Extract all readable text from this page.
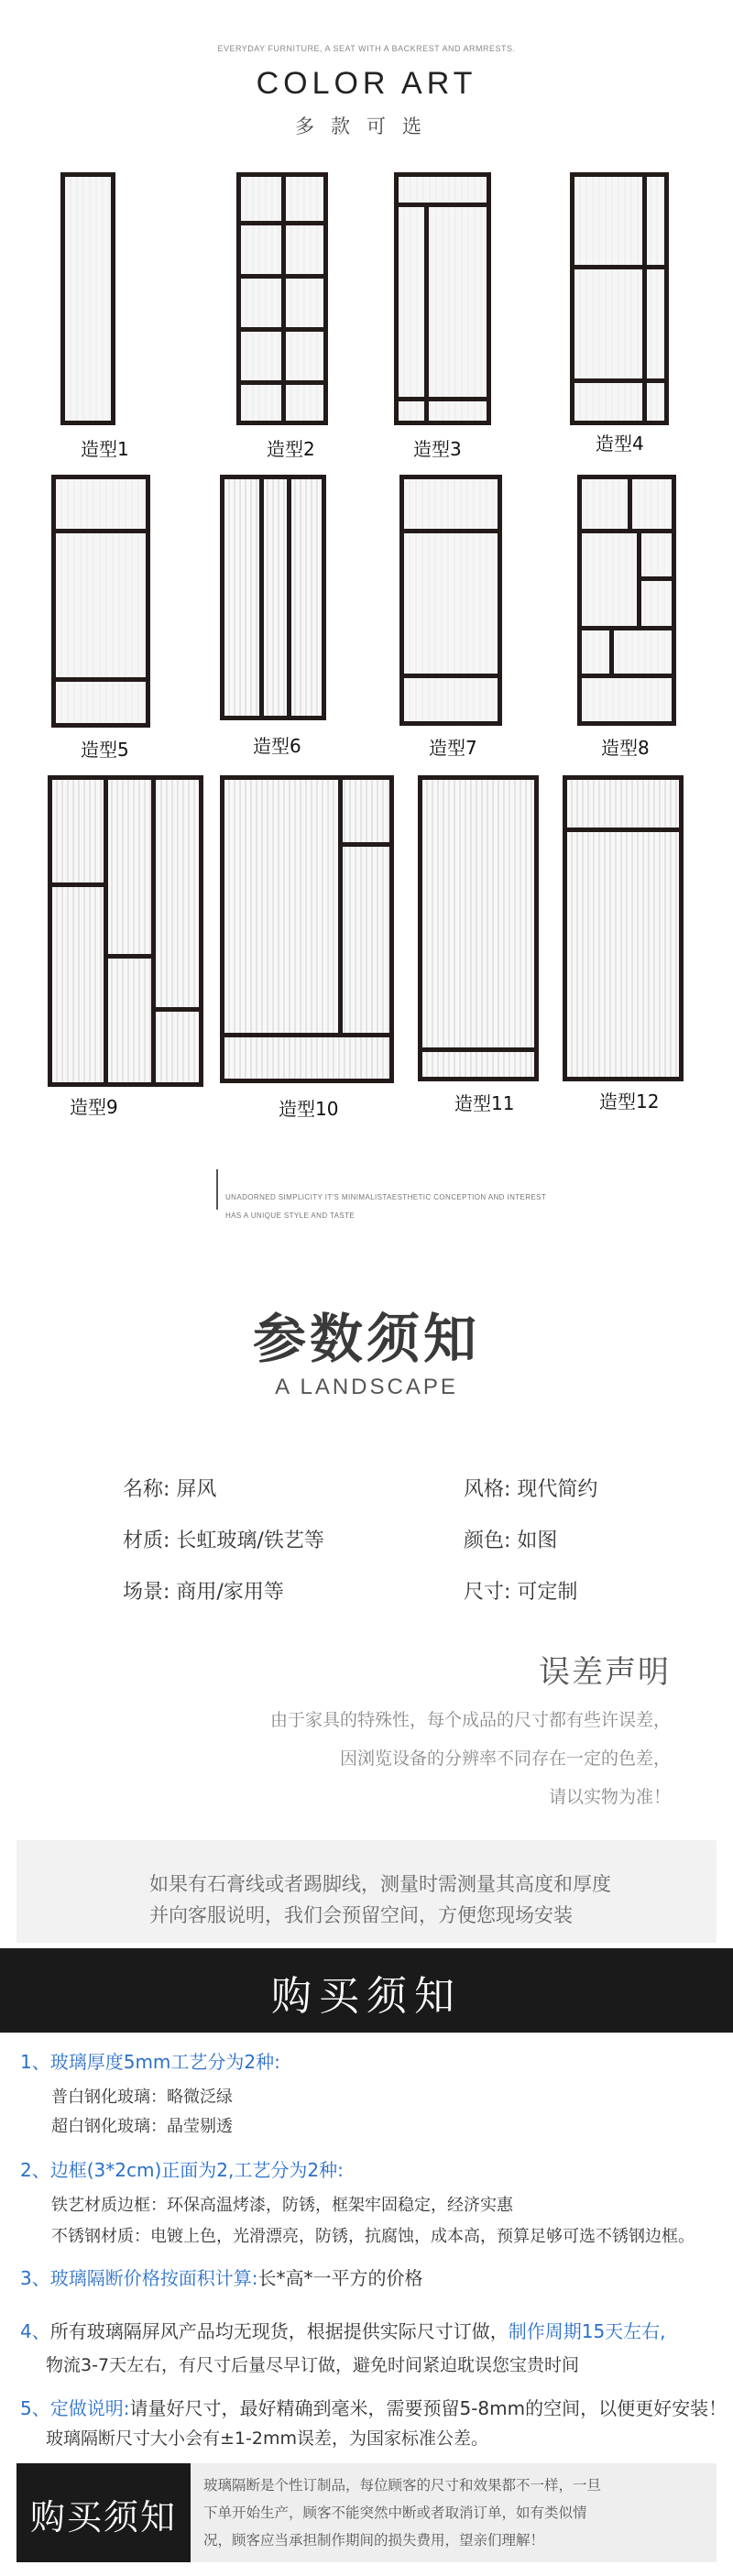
EVERYDAY FURNITURE, A SEAT WITH A BACKREST AND ARMRESTS.
COLOR ART
多款可选
造型1	造型2	造型3	造型4
造型5	造型6	造型7	造型8
造型9	造型10	造型11	造型12
UNADORNED SIMPLICITY IT'S MINIMALISTAESTHETIC CONCEPTION AND INTEREST
HAS A UNIQUE STYLE AND TASTE
参数须知
A LANDSCAPE
名称: 屏风	风格: 现代简约
材质: 长虹玻璃/铁艺等	颜色: 如图
场景: 商用/家用等	尺寸: 可定制
误差声明
由于家具的特殊性，每个成品的尺寸都有些许误差，
因浏览设备的分辨率不同存在一定的色差，
请以实物为准！
如果有石膏线或者踢脚线，测量时需测量其高度和厚度
并向客服说明，我们会预留空间，方便您现场安装
购买须知
1、玻璃厚度5mm工艺分为2种:
普白钢化玻璃：略微泛绿
超白钢化玻璃：晶莹剔透
2、边框(3*2cm)正面为2,工艺分为2种:
铁艺材质边框：环保高温烤漆，防锈，框架牢固稳定，经济实惠
不锈钢材质：电镀上色，光滑漂亮，防锈，抗腐蚀，成本高，预算足够可选不锈钢边框。
3、玻璃隔断价格按面积计算:长*高*一平方的价格
4、所有玻璃隔屏风产品均无现货，根据提供实际尺寸订做，制作周期15天左右,
物流3-7天左右，有尺寸后量尽早订做，避免时间紧迫耽误您宝贵时间
5、定做说明:请量好尺寸，最好精确到毫米，需要预留5-8mm的空间，以便更好安装！
玻璃隔断尺寸大小会有±1-2mm误差，为国家标准公差。
购买须知
玻璃隔断是个性订制品，每位顾客的尺寸和效果都不一样，一旦
下单开始生产，顾客不能突然中断或者取消订单，如有类似情
况，顾客应当承担制作期间的损失费用，望亲们理解！
